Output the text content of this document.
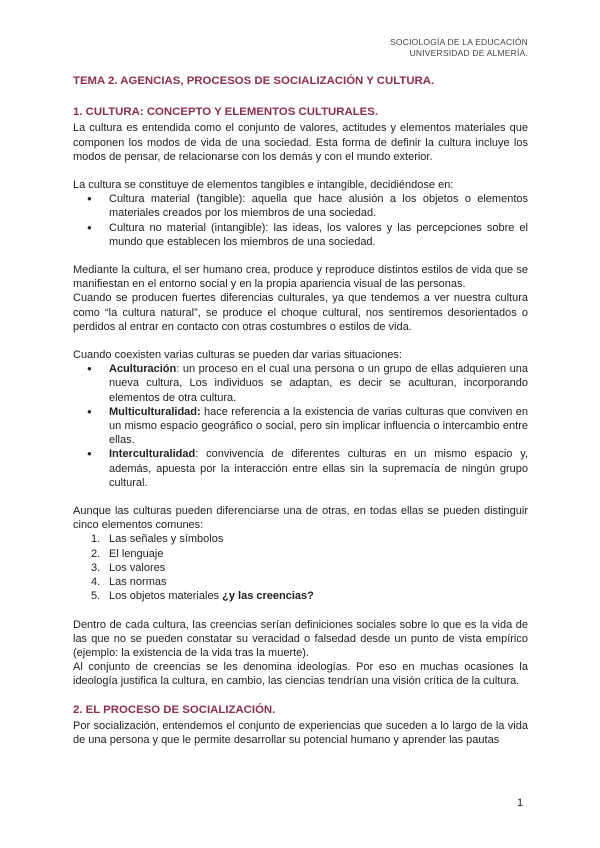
SOCIOLOGÍA DE LA EDUCACIÓN
UNIVERSIDAD DE ALMERÍA.
TEMA 2. AGENCIAS, PROCESOS DE SOCIALIZACIÓN Y CULTURA.
1. CULTURA: CONCEPTO Y ELEMENTOS CULTURALES.

La cultura es entendida como el conjunto de valores, actitudes y elementos materiales que componen los modos de vida de una sociedad. Esta forma de definir la cultura incluye los modos de pensar, de relacionarse con los demás y con el mundo exterior.

La cultura se constituye de elementos tangibles e intangible, decidiéndose en:

● Cultura material (tangible): aquella que hace alusión a los objetos o elementos materiales creados por los miembros de una sociedad.
● Cultura no material (intangible): las ideas, los valores y las percepciones sobre el mundo que establecen los miembros de una sociedad.

Mediante la cultura, el ser humano crea, produce y reproduce distintos estilos de vida que se manifiestan en el entorno social y en la propia apariencia visual de las personas.

Cuando se producen fuertes diferencias culturales, ya que tendemos a ver nuestra cultura como “la cultura natural”, se produce el choque cultural, nos sentiremos desorientados o perdidos al entrar en contacto con otras costumbres o estilos de vida.

Cuando coexisten varias culturas se pueden dar varias situaciones:

● Aculturación: un proceso en el cual una persona o un grupo de ellas adquieren una nueva cultura, Los individuos se adaptan, es decir se aculturan, incorporando elementos de otra cultura.
● Multiculturalidad: hace referencia a la existencia de varias culturas que conviven en un mismo espacio geográfico o social, pero sin implicar influencia o intercambio entre ellas.
● Interculturalidad: convivencia de diferentes culturas en un mismo espacio y, además, apuesta por la interacción entre ellas sin la supremacía de ningún grupo cultural.

Aunque las culturas pueden diferenciarse una de otras, en todas ellas se pueden distinguir cinco elementos comunes:

1. Las señales y símbolos
2. El lenguaje
3. Los valores
4. Las normas
5. Los objetos materiales ¿y las creencias?

Dentro de cada cultura, las creencias serían definiciones sociales sobre lo que es la vida de las que no se pueden constatar su veracidad o falsedad desde un punto de vista empírico (ejemplo: la existencia de la vida tras la muerte).

Al conjunto de creencias se les denomina ideologías. Por eso en muchas ocasiones la ideología justifica la cultura, en cambio, las ciencias tendrían una visión crítica de la cultura.

2. EL PROCESO DE SOCIALIZACIÓN.

Por socialización, entendemos el conjunto de experiencias que suceden a lo largo de la vida de una persona y que le permite desarrollar su potencial humano y aprender las pautas

1
